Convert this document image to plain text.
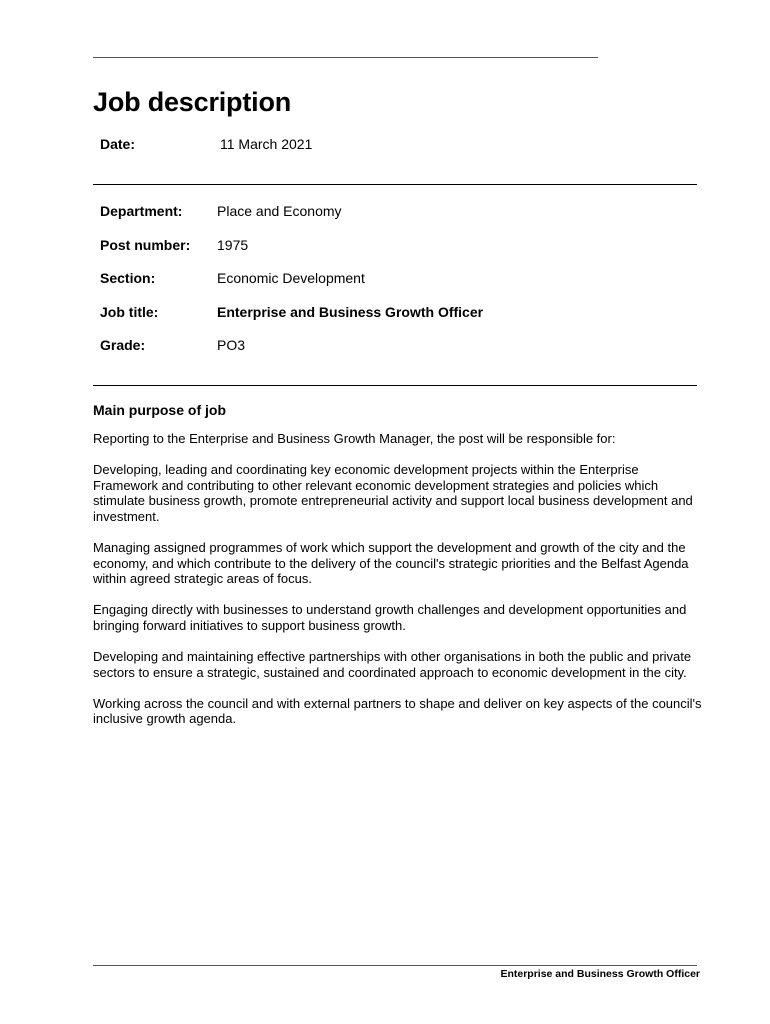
Job description
Date:	11 March 2021
Department: Place and Economy
Post number: 1975
Section:	Economic Development
Job title:	Enterprise and Business Growth Officer
Grade:	PO3
Main purpose of job

Reporting to the Enterprise and Business Growth Manager, the post will be responsible for:

Developing, leading and coordinating key economic development projects within the Enterprise Framework and contributing to other relevant economic development strategies and policies which stimulate business growth, promote entrepreneurial activity and support local business development and investment.

Managing assigned programmes of work which support the development and growth of the city and the economy, and which contribute to the delivery of the council's strategic priorities and the Belfast Agenda within agreed strategic areas of focus.

Engaging directly with businesses to understand growth challenges and development opportunities and bringing forward initiatives to support business growth.

Developing and maintaining effective partnerships with other organisations in both the public and private sectors to ensure a strategic, sustained and coordinated approach to economic development in the city.

Working across the council and with external partners to shape and deliver on key aspects of the council's inclusive growth agenda.

Enterprise and Business Growth Officer
